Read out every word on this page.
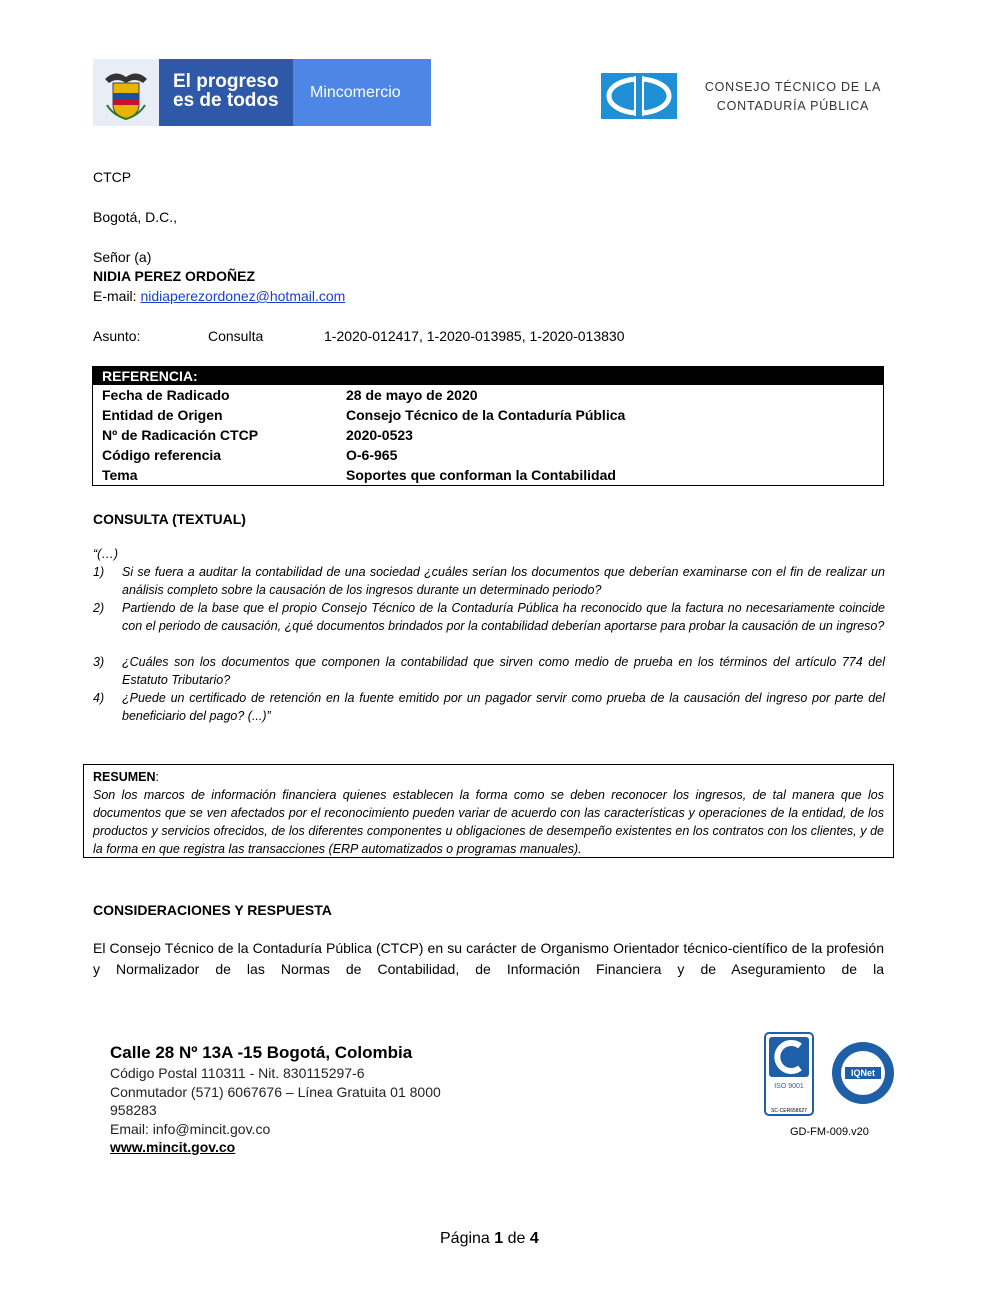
El progreso
es de todos	Mincomercio	CONSEJO TÉCNICO DE LA
CONTADURÍA PÚBLICA
CTCP
Bogotá, D.C.,
Señor (a)
NIDIA PEREZ ORDOÑEZ
E-mail: nidiaperezordonez@hotmail.com
Asunto:	Consulta	1-2020-012417, 1-2020-013985, 1-2020-013830
REFERENCIA:
Fecha de Radicado	28 de mayo de 2020
Entidad de Origen	Consejo Técnico de la Contaduría Pública
Nº de Radicación CTCP	2020-0523
Código referencia	O-6-965
Tema	Soportes que conforman la Contabilidad
CONSULTA (TEXTUAL)
“(…)
1) Si se fuera a auditar la contabilidad de una sociedad ¿cuáles serían los documentos que deberían examinarse con el fin de realizar un análisis completo sobre la causación de los ingresos durante un determinado periodo?
2) Partiendo de la base que el propio Consejo Técnico de la Contaduría Pública ha reconocido que la factura no necesariamente coincide con el periodo de causación, ¿qué documentos brindados por la contabilidad deberían aportarse para probar la causación de un ingreso?
3) ¿Cuáles son los documentos que componen la contabilidad que sirven como medio de prueba en los términos del artículo 774 del Estatuto Tributario?
4) ¿Puede un certificado de retención en la fuente emitido por un pagador servir como prueba de la causación del ingreso por parte del beneficiario del pago? (...)”
RESUMEN:
Son los marcos de información financiera quienes establecen la forma como se deben reconocer los ingresos, de tal manera que los documentos que se ven afectados por el reconocimiento pueden variar de acuerdo con las características y operaciones de la entidad, de los productos y servicios ofrecidos, de los diferentes componentes u obligaciones de desempeño existentes en los contratos con los clientes, y de la forma en que registra las transacciones (ERP automatizados o programas manuales).
CONSIDERACIONES Y RESPUESTA
El Consejo Técnico de la Contaduría Pública (CTCP) en su carácter de Organismo Orientador técnico-científico de la profesión y Normalizador de las Normas de Contabilidad, de Información Financiera y de Aseguramiento de la
Calle 28 Nº 13A -15 Bogotá, Colombia
Código Postal 110311 - Nit. 830115297-6
Conmutador (571) 6067676 – Línea Gratuita 01 8000
958283
Email: info@mincit.gov.co
www.mincit.gov.co
ISO 9001
SC-CER658627
IQNet
GD-FM-009.v20
Página 1 de 4
